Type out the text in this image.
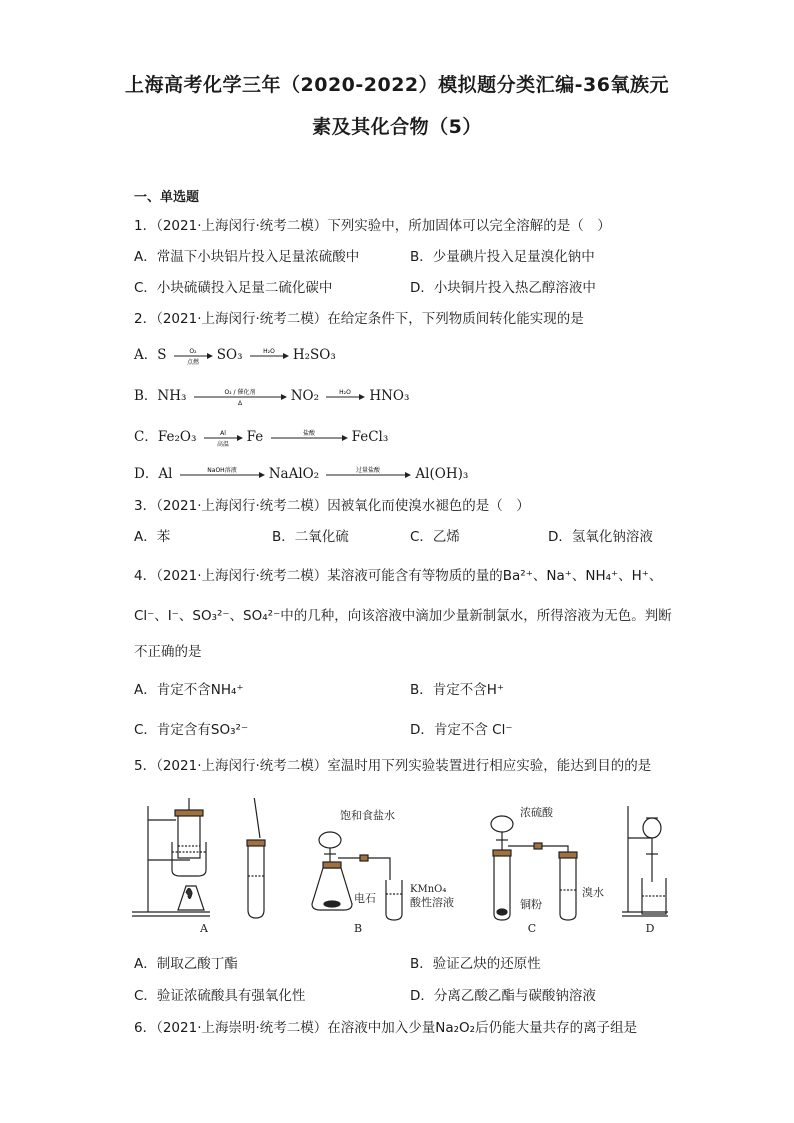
上海高考化学三年（2020-2022）模拟题分类汇编-36氧族元
素及其化合物（5）
一、单选题
1．（2021·上海闵行·统考二模）下列实验中，所加固体可以完全溶解的是（　）
A．常温下小块铝片投入足量浓硫酸中	B．少量碘片投入足量溴化钠中
C．小块硫磺投入足量二硫化碳中	D．小块铜片投入热乙醇溶液中
2．（2021·上海闵行·统考二模）在给定条件下，下列物质间转化能实现的是
A．S	O₂
点燃 SO₃	H₂O H₂SO₃
B．NH₃	O₂ / 催化剂
Δ	NO₂	H₂O HNO₃
C．Fe₂O₃	Al
高温 Fe	盐酸	FeCl₃
D．Al	NaOH溶液 NaAlO₂	过量盐酸	Al(OH)₃
3．（2021·上海闵行·统考二模）因被氧化而使溴水褪色的是（　）
A．苯	B．二氧化硫	C．乙烯	D．氢氧化钠溶液
4．（2021·上海闵行·统考二模）某溶液可能含有等物质的量的Ba²⁺、Na⁺、NH₄⁺、H⁺、
Cl⁻、I⁻、SO₃²⁻、SO₄²⁻中的几种，向该溶液中滴加少量新制氯水，所得溶液为无色。判断
不正确的是
A．肯定不含NH₄⁺	B．肯定不含H⁺
C．肯定含有SO₃²⁻	D．肯定不含 Cl⁻
5．（2021·上海闵行·统考二模）室温时用下列实验装置进行相应实验，能达到目的的是
A
饱和食盐水
电石
KMnO₄
酸性溶液
B
浓硫酸
铜粉
溴水
C	D
A．制取乙酸丁酯	B．验证乙炔的还原性
C．验证浓硫酸具有强氧化性	D．分离乙酸乙酯与碳酸钠溶液
6．（2021·上海崇明·统考二模）在溶液中加入少量Na₂O₂后仍能大量共存的离子组是
